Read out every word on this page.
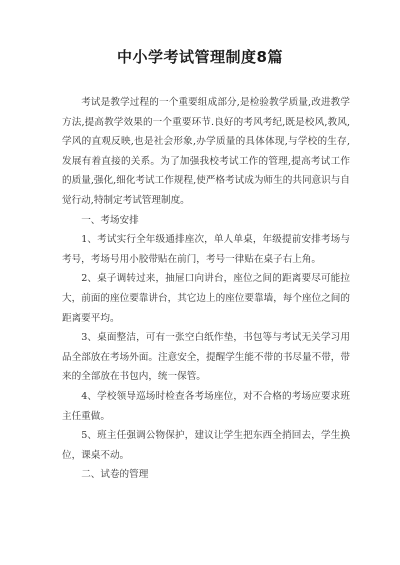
中小学考试管理制度8篇

考试是教学过程的一个重要组成部分,是检验教学质量,改进教学方法,提高教学效果的一个重要环节.良好的考风考纪,既是校风,教风,学风的直观反映,也是社会形象,办学质量的具体体现,与学校的生存,发展有着直接的关系。为了加强我校考试工作的管理,提高考试工作的质量,强化,细化考试工作规程,使严格考试成为师生的共同意识与自觉行动,特制定考试管理制度。

一、考场安排

1、考试实行全年级通排座次，单人单桌，年级提前安排考场与考号，考场号用小胶带贴在前门，考号一律贴在桌子右上角。

2、桌子调转过来，抽屉口向讲台，座位之间的距离要尽可能拉大，前面的座位要靠讲台，其它边上的座位要靠墙，每个座位之间的距离要平均。

3、桌面整洁，可有一张空白纸作垫，书包等与考试无关学习用品全部放在考场外面。注意安全，提醒学生能不带的书尽量不带，带来的全部放在书包内，统一保管。

4、学校领导巡场时检查各考场座位，对不合格的考场应要求班主任重做。

5、班主任强调公物保护，建议让学生把东西全捎回去，学生换位，课桌不动。

二、试卷的管理
